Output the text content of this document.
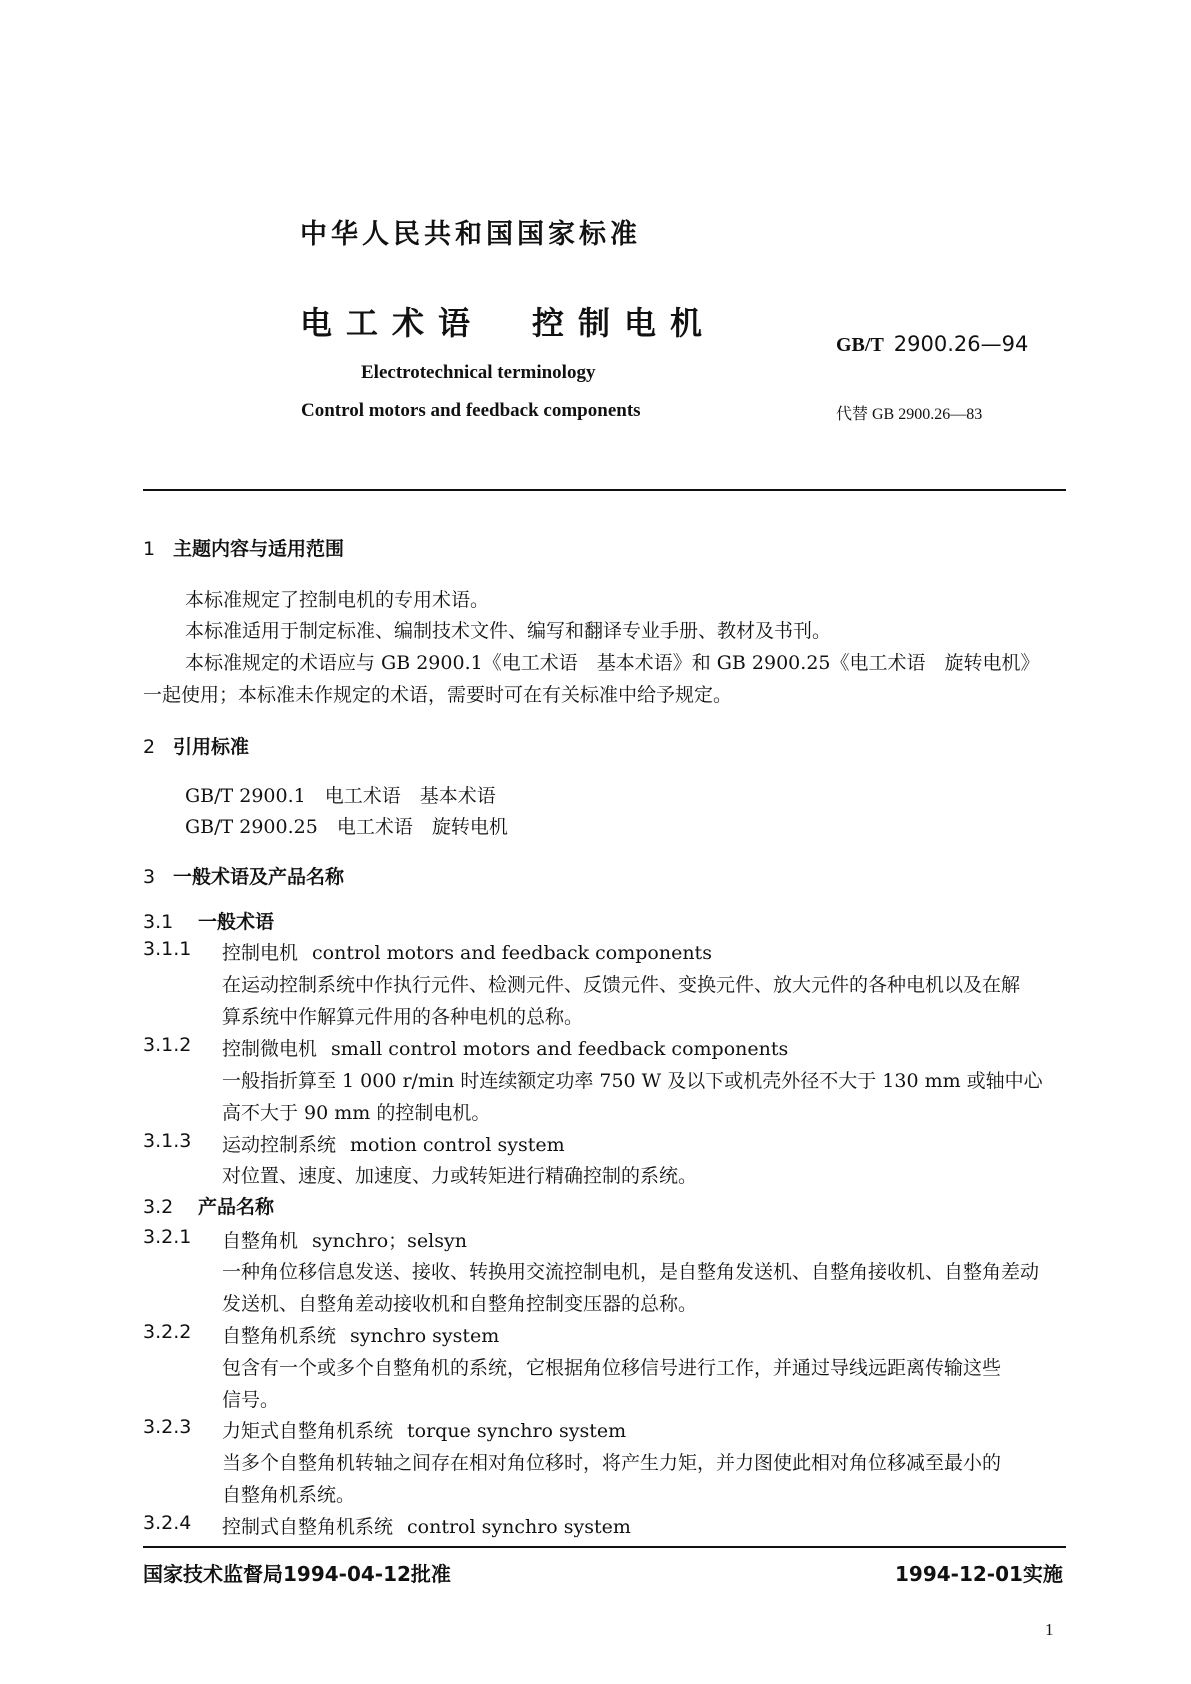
中华人民共和国国家标准
电工术语 控制电机
Electrotechnical terminology
Control motors and feedback components
GB/T 2900.26—94
代替 GB 2900.26—83
1 主题内容与适用范围
本标准规定了控制电机的专用术语。
本标准适用于制定标准、编制技术文件、编写和翻译专业手册、教材及书刊。
本标准规定的术语应与 GB 2900.1《电工术语　基本术语》和 GB 2900.25《电工术语　旋转电机》
一起使用；本标准未作规定的术语，需要时可在有关标准中给予规定。
2 引用标准
GB/T 2900.1　电工术语　基本术语
GB/T 2900.25　电工术语　旋转电机
3 一般术语及产品名称
3.1 一般术语
3.1.1 控制电机 control motors and feedback components
在运动控制系统中作执行元件、检测元件、反馈元件、变换元件、放大元件的各种电机以及在解
算系统中作解算元件用的各种电机的总称。
3.1.2 控制微电机 small control motors and feedback components
一般指折算至 1 000 r/min 时连续额定功率 750 W 及以下或机壳外径不大于 130 mm 或轴中心
高不大于 90 mm 的控制电机。
3.1.3 运动控制系统 motion control system
对位置、速度、加速度、力或转矩进行精确控制的系统。
3.2 产品名称
3.2.1 自整角机 synchro；selsyn
一种角位移信息发送、接收、转换用交流控制电机，是自整角发送机、自整角接收机、自整角差动
发送机、自整角差动接收机和自整角控制变压器的总称。
3.2.2 自整角机系统 synchro system
包含有一个或多个自整角机的系统，它根据角位移信号进行工作，并通过导线远距离传输这些
信号。
3.2.3 力矩式自整角机系统 torque synchro system
当多个自整角机转轴之间存在相对角位移时，将产生力矩，并力图使此相对角位移减至最小的
自整角机系统。
3.2.4 控制式自整角机系统 control synchro system
国家技术监督局1994-04-12批准	1994-12-01实施
1
